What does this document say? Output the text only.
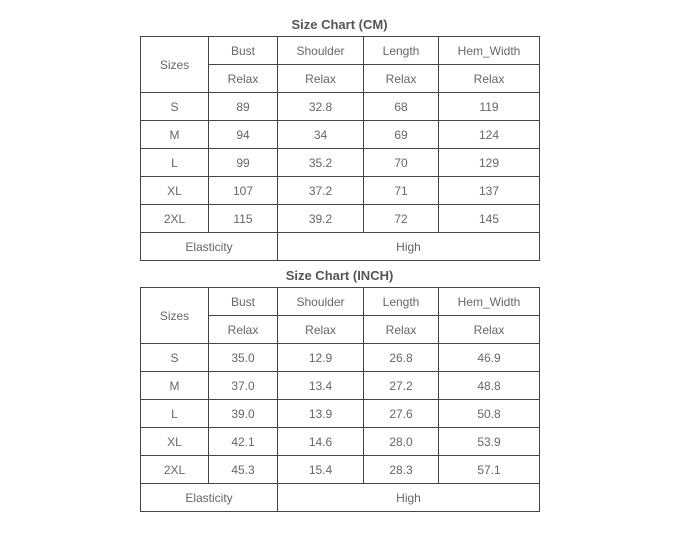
Size Chart (CM)
Sizes	Bust	Shoulder	Length	Hem_Width
	Relax	Relax	Relax	Relax
S	89	32.8	68	119
M	94	34	69	124
L	99	35.2	70	129
XL	107	37.2	71	137
2XL	115	39.2	72	145
Elasticity		High		
Size Chart (INCH)
Sizes	Bust	Shoulder	Length	Hem_Width
	Relax	Relax	Relax	Relax
S	35.0	12.9	26.8	46.9
M	37.0	13.4	27.2	48.8
L	39.0	13.9	27.6	50.8
XL	42.1	14.6	28.0	53.9
2XL	45.3	15.4	28.3	57.1
Elasticity		High		
